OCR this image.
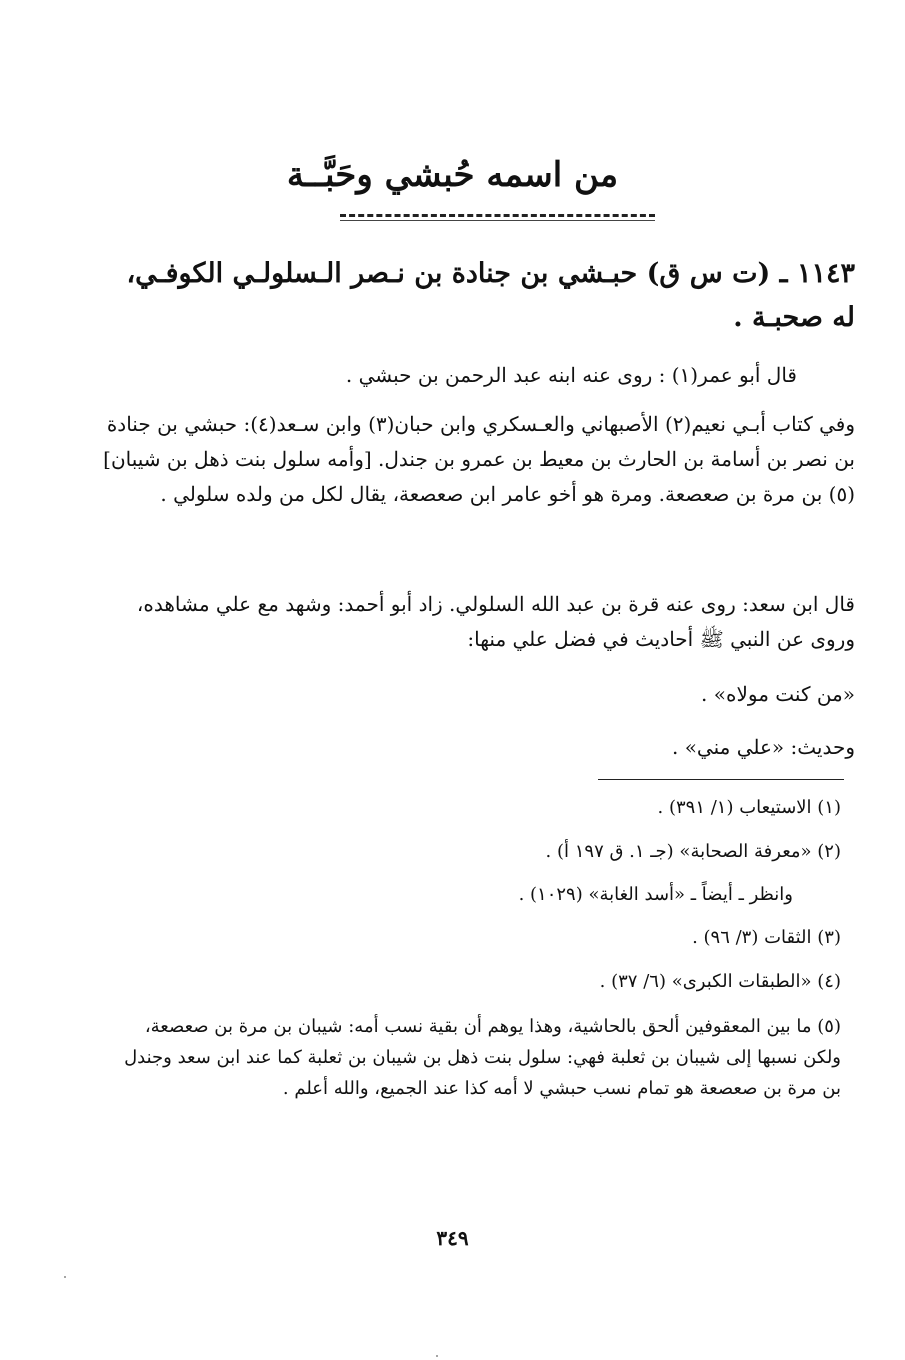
من اسمه حُبشي وحَبَّــة
١١٤٣ ـ (ت س ق) حبـشي بن جنادة بن نـصر الـسلولـي الكوفـي، له صحبـة .
قال أبو عمر(١) : روى عنه ابنه عبد الرحمن بن حبشي .
وفي كتاب أبـي نعيم(٢) الأصبهاني والعـسكري وابن حبان(٣) وابن سـعد(٤): حبشي بن جنادة بن نصر بن أسامة بن الحارث بن معيط بن عمرو بن جندل. [وأمه سلول بنت ذهل بن شيبان](٥) بن مرة بن صعصعة. ومرة هو أخو عامر ابن صعصعة، يقال لكل من ولده سلولي .
قال ابن سعد: روى عنه قرة بن عبد الله السلولي. زاد أبو أحمد: وشهد مع علي مشاهده، وروى عن النبي ﷺ أحاديث في فضل علي منها:
«من كنت مولاه» .
وحديث: «علي مني» .
(١) الاستيعاب (١/ ٣٩١) .
(٢) «معرفة الصحابة» (جـ ١. ق ١٩٧ أ) .
وانظر ـ أيضاً ـ «أسد الغابة» (١٠٢٩) .
(٣) الثقات (٣/ ٩٦) .
(٤) «الطبقات الكبرى» (٦/ ٣٧) .
(٥) ما بين المعقوفين ألحق بالحاشية، وهذا يوهم أن بقية نسب أمه: شيبان بن مرة بن صعصعة، ولكن نسبها إلى شيبان بن ثعلبة فهي: سلول بنت ذهل بن شيبان بن ثعلبة كما عند ابن سعد وجندل بن مرة بن صعصعة هو تمام نسب حبشي لا أمه كذا عند الجميع، والله أعلم .
٣٤٩
